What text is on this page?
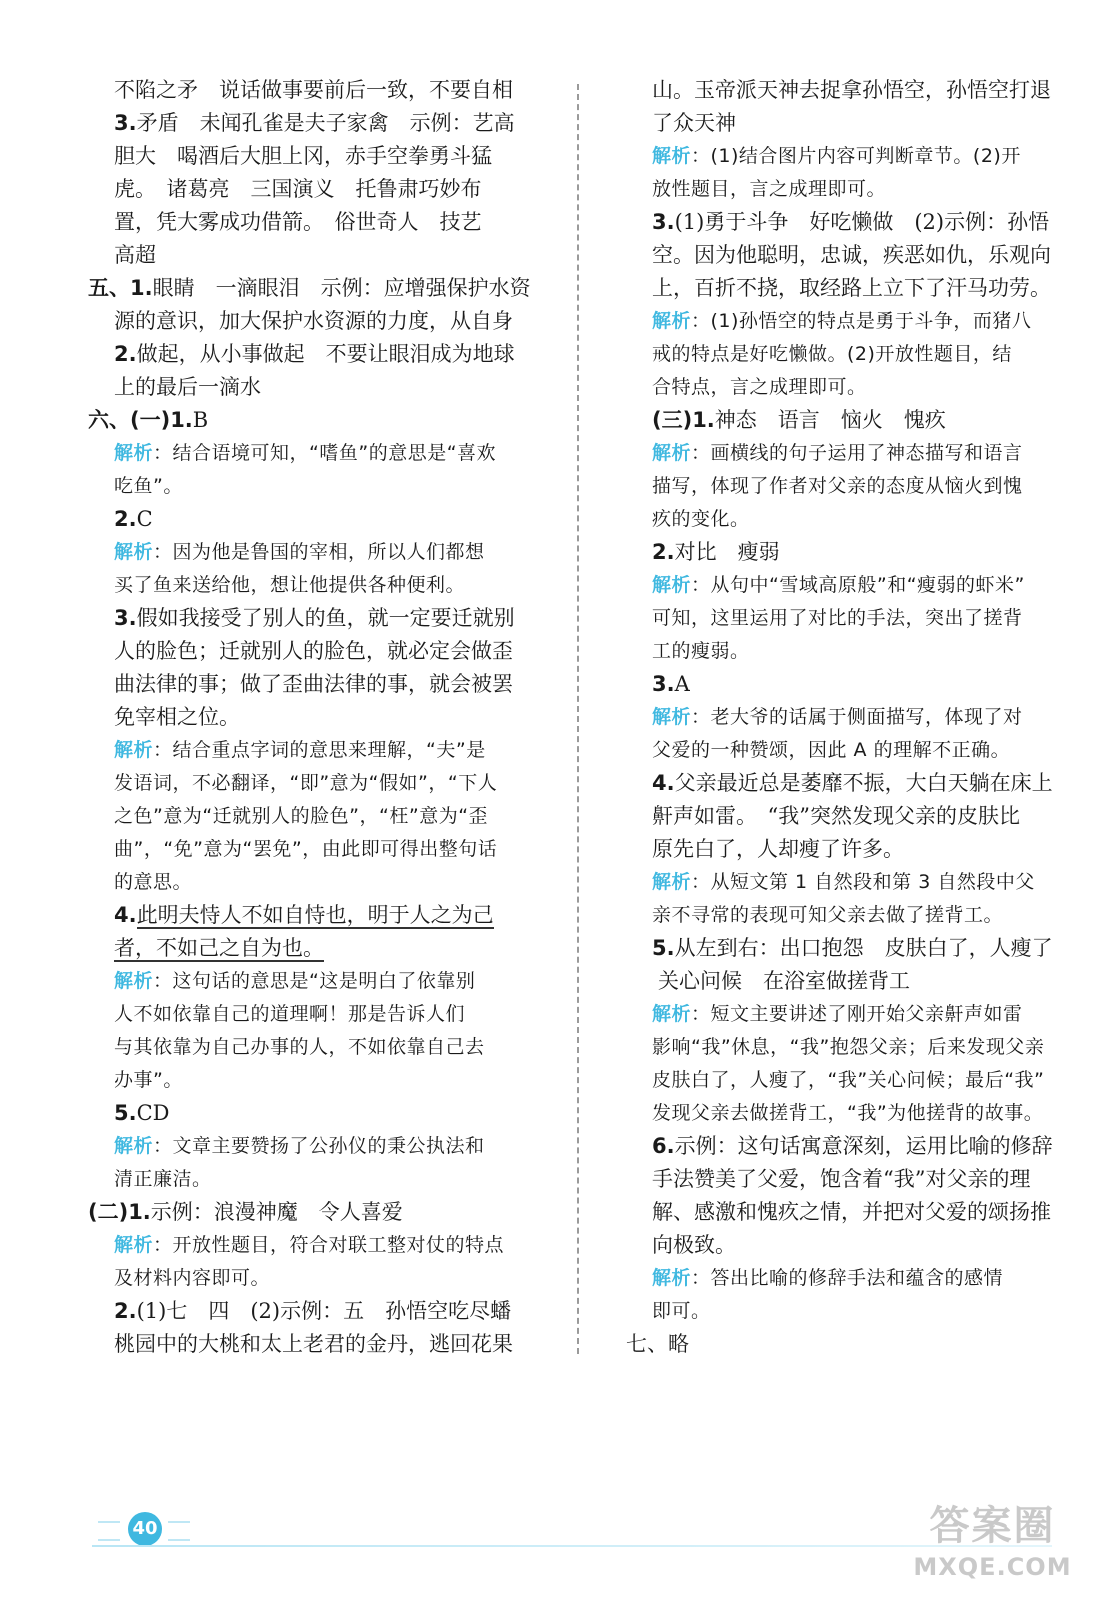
不陷之矛　说话做事要前后一致，不要自相
3.矛盾　未闻孔雀是夫子家禽　示例：艺高
胆大　喝酒后大胆上冈，赤手空拳勇斗猛
虎。　诸葛亮　三国演义　托鲁肃巧妙布
置，凭大雾成功借箭。　俗世奇人　技艺
高超
五、1.眼睛　一滴眼泪　示例：应增强保护水资
源的意识，加大保护水资源的力度，从自身
2.做起，从小事做起　不要让眼泪成为地球
上的最后一滴水
六、(一)1.B
解析：结合语境可知，“嗜鱼”的意思是“喜欢
吃鱼”。
2.C
解析：因为他是鲁国的宰相，所以人们都想
买了鱼来送给他，想让他提供各种便利。
3.假如我接受了别人的鱼，就一定要迁就别
人的脸色；迁就别人的脸色，就必定会做歪
曲法律的事；做了歪曲法律的事，就会被罢
免宰相之位。
解析：结合重点字词的意思来理解，“夫”是
发语词，不必翻译，“即”意为“假如”，“下人
之色”意为“迁就别人的脸色”，“枉”意为“歪
曲”，“免”意为“罢免”，由此即可得出整句话
的意思。
4.此明夫恃人不如自恃也，明于人之为己
者，不如己之自为也。
解析：这句话的意思是“这是明白了依靠别
人不如依靠自己的道理啊！那是告诉人们
与其依靠为自己办事的人，不如依靠自己去
办事”。
5.CD
解析：文章主要赞扬了公孙仪的秉公执法和
清正廉洁。
(二)1.示例：浪漫神魔　令人喜爱
解析：开放性题目，符合对联工整对仗的特点
及材料内容即可。
2.(1)七　四　(2)示例：五　孙悟空吃尽蟠
桃园中的大桃和太上老君的金丹，逃回花果
山。玉帝派天神去捉拿孙悟空，孙悟空打退
了众天神
解析：(1)结合图片内容可判断章节。(2)开
放性题目，言之成理即可。
3.(1)勇于斗争　好吃懒做　(2)示例：孙悟
空。因为他聪明，忠诚，疾恶如仇，乐观向
上，百折不挠，取经路上立下了汗马功劳。
解析：(1)孙悟空的特点是勇于斗争，而猪八
戒的特点是好吃懒做。(2)开放性题目，结
合特点，言之成理即可。
(三)1.神态　语言　恼火　愧疚
解析：画横线的句子运用了神态描写和语言
描写，体现了作者对父亲的态度从恼火到愧
疚的变化。
2.对比　瘦弱
解析：从句中“雪域高原般”和“瘦弱的虾米”
可知，这里运用了对比的手法，突出了搓背
工的瘦弱。
3.A
解析：老大爷的话属于侧面描写，体现了对
父爱的一种赞颂，因此 A 的理解不正确。
4.父亲最近总是萎靡不振，大白天躺在床上
鼾声如雷。　“我”突然发现父亲的皮肤比
原先白了，人却瘦了许多。
解析：从短文第 1 自然段和第 3 自然段中父
亲不寻常的表现可知父亲去做了搓背工。
5.从左到右：出口抱怨　皮肤白了，人瘦了
关心问候　在浴室做搓背工
解析：短文主要讲述了刚开始父亲鼾声如雷
影响“我”休息，“我”抱怨父亲；后来发现父亲
皮肤白了，人瘦了，“我”关心问候；最后“我”
发现父亲去做搓背工，“我”为他搓背的故事。
6.示例：这句话寓意深刻，运用比喻的修辞
手法赞美了父爱，饱含着“我”对父亲的理
解、感激和愧疚之情，并把对父爱的颂扬推
向极致。
解析：答出比喻的修辞手法和蕴含的感情
即可。
七、略
40	答案圈
MXQE.COM
